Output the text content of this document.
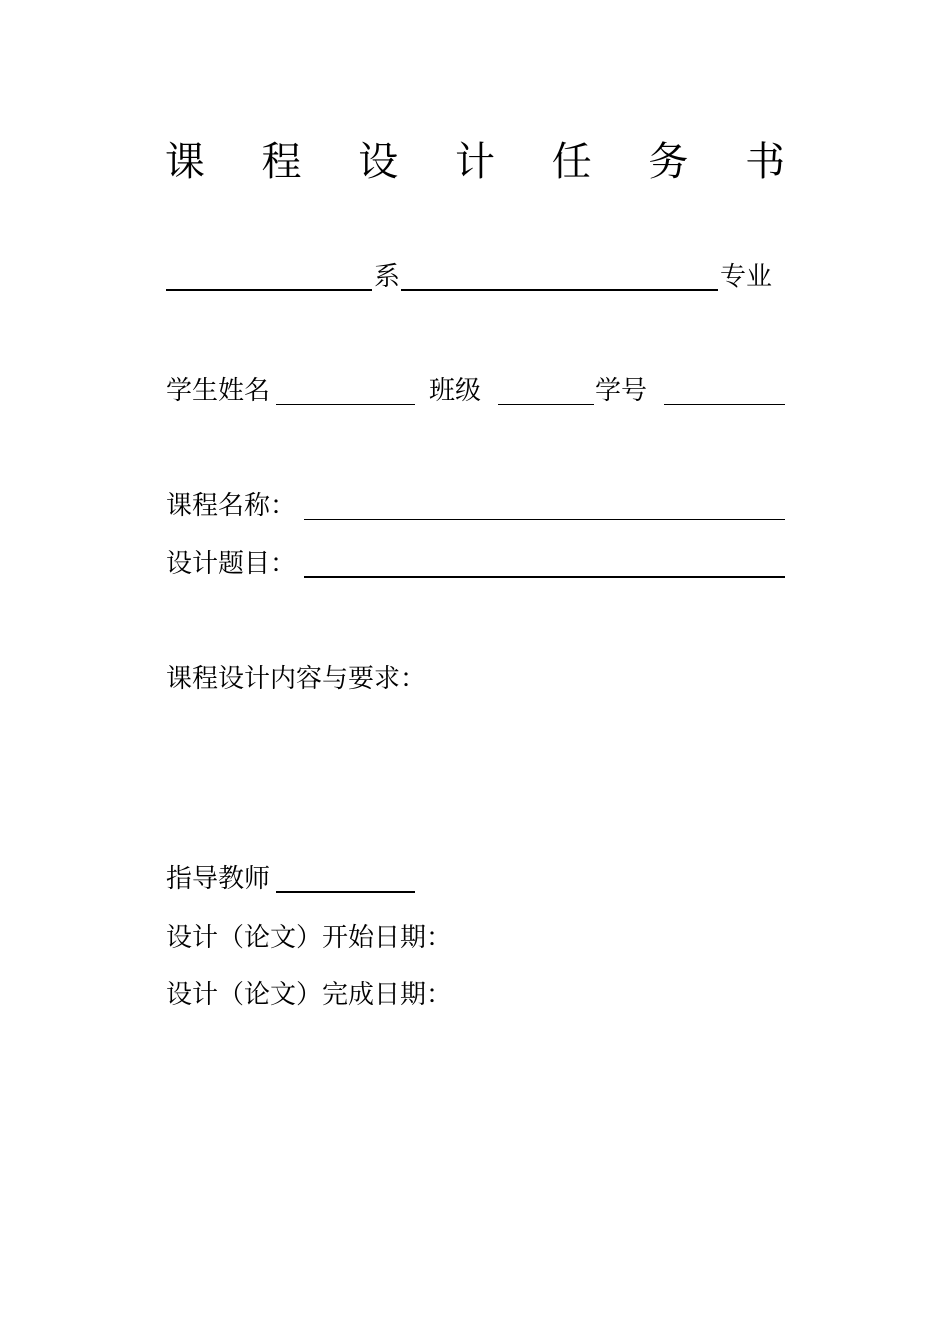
课 程 设 计 任 务 书
系	专业
学生姓名	班级	学号
课程名称：
设计题目：
课程设计内容与要求：
指导教师
设计（论文）开始日期：
设计（论文）完成日期：
